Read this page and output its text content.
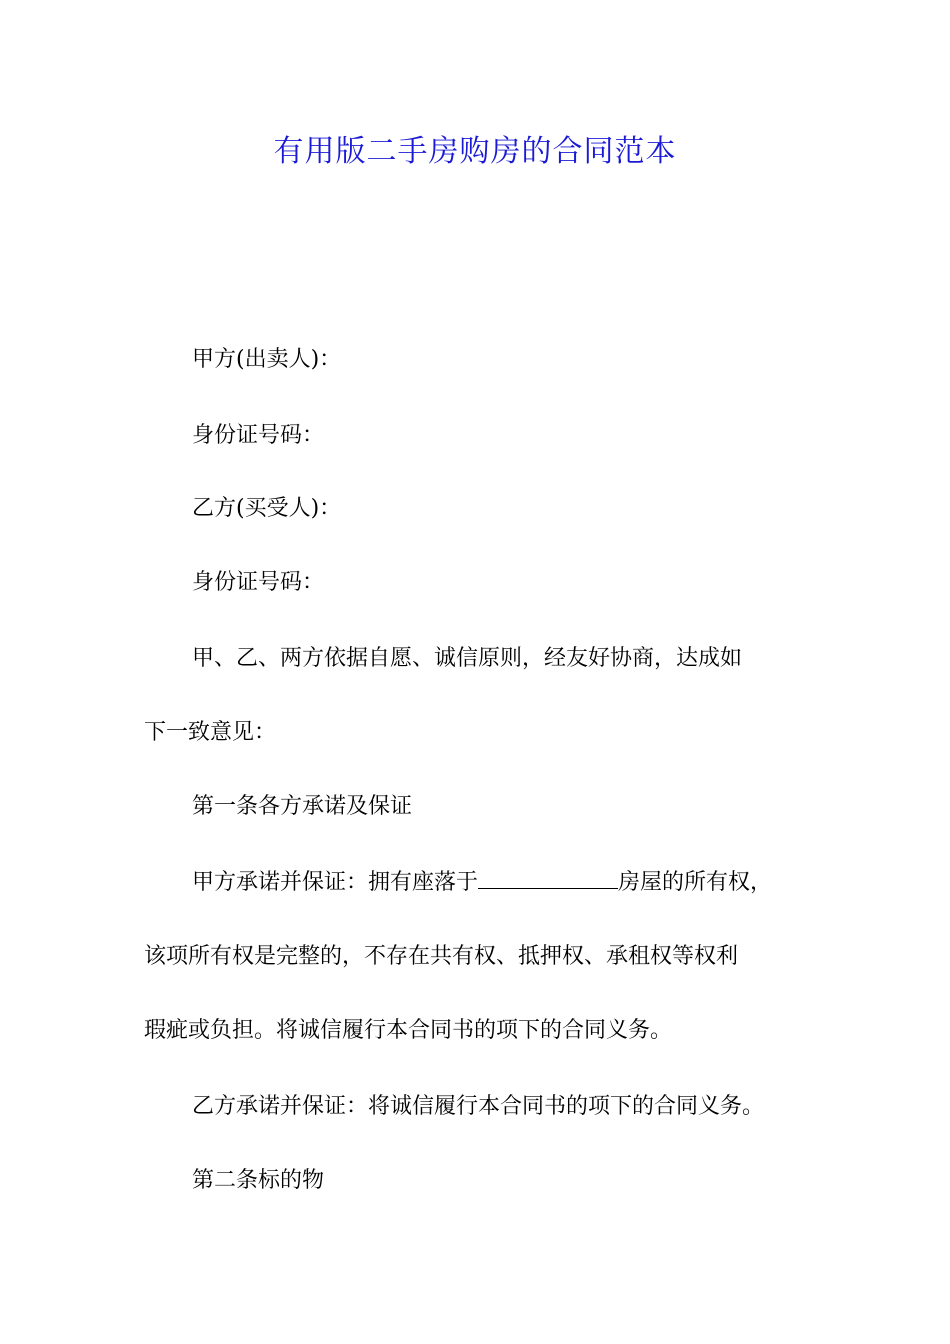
有用版二手房购房的合同范本
甲方(出卖人)：
身份证号码：
乙方(买受人)：
身份证号码：
甲、乙、两方依据自愿、诚信原则，经友好协商，达成如
下一致意见：
第一条各方承诺及保证
甲方承诺并保证：拥有座落于	房屋的所有权，
该项所有权是完整的，不存在共有权、抵押权、承租权等权利
瑕疵或负担。将诚信履行本合同书的项下的合同义务。
乙方承诺并保证：将诚信履行本合同书的项下的合同义务。
第二条标的物
